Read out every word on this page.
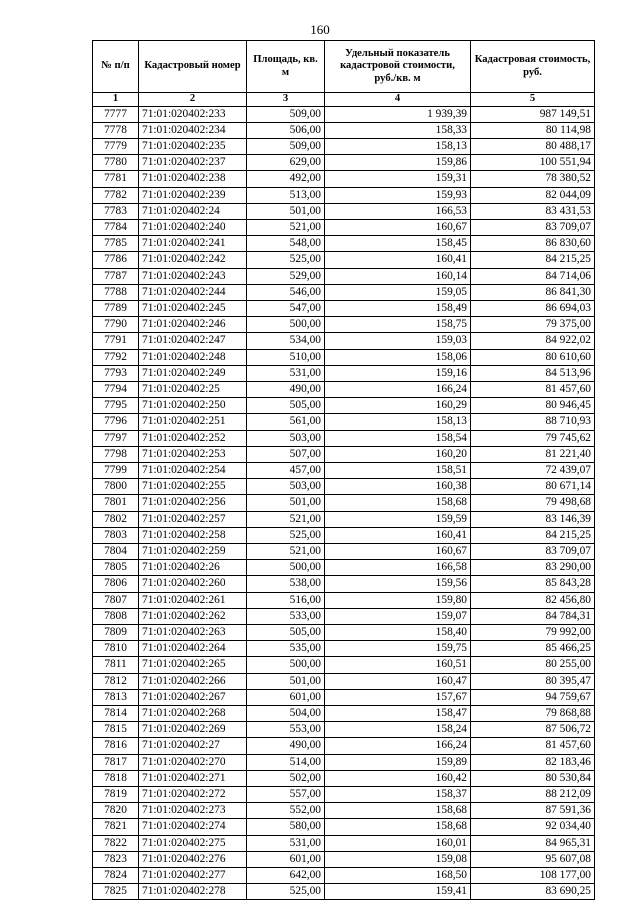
160
№ п/п	Кадастровый номер	Площадь, кв. м	Удельный показатель кадастровой стоимости, руб./кв. м	Кадастровая стоимость, руб.
1	2	3	4	5
7777	71:01:020402:233	509,00	1 939,39	987 149,51
7778	71:01:020402:234	506,00	158,33	80 114,98
7779	71:01:020402:235	509,00	158,13	80 488,17
7780	71:01:020402:237	629,00	159,86	100 551,94
7781	71:01:020402:238	492,00	159,31	78 380,52
7782	71:01:020402:239	513,00	159,93	82 044,09
7783	71:01:020402:24	501,00	166,53	83 431,53
7784	71:01:020402:240	521,00	160,67	83 709,07
7785	71:01:020402:241	548,00	158,45	86 830,60
7786	71:01:020402:242	525,00	160,41	84 215,25
7787	71:01:020402:243	529,00	160,14	84 714,06
7788	71:01:020402:244	546,00	159,05	86 841,30
7789	71:01:020402:245	547,00	158,49	86 694,03
7790	71:01:020402:246	500,00	158,75	79 375,00
7791	71:01:020402:247	534,00	159,03	84 922,02
7792	71:01:020402:248	510,00	158,06	80 610,60
7793	71:01:020402:249	531,00	159,16	84 513,96
7794	71:01:020402:25	490,00	166,24	81 457,60
7795	71:01:020402:250	505,00	160,29	80 946,45
7796	71:01:020402:251	561,00	158,13	88 710,93
7797	71:01:020402:252	503,00	158,54	79 745,62
7798	71:01:020402:253	507,00	160,20	81 221,40
7799	71:01:020402:254	457,00	158,51	72 439,07
7800	71:01:020402:255	503,00	160,38	80 671,14
7801	71:01:020402:256	501,00	158,68	79 498,68
7802	71:01:020402:257	521,00	159,59	83 146,39
7803	71:01:020402:258	525,00	160,41	84 215,25
7804	71:01:020402:259	521,00	160,67	83 709,07
7805	71:01:020402:26	500,00	166,58	83 290,00
7806	71:01:020402:260	538,00	159,56	85 843,28
7807	71:01:020402:261	516,00	159,80	82 456,80
7808	71:01:020402:262	533,00	159,07	84 784,31
7809	71:01:020402:263	505,00	158,40	79 992,00
7810	71:01:020402:264	535,00	159,75	85 466,25
7811	71:01:020402:265	500,00	160,51	80 255,00
7812	71:01:020402:266	501,00	160,47	80 395,47
7813	71:01:020402:267	601,00	157,67	94 759,67
7814	71:01:020402:268	504,00	158,47	79 868,88
7815	71:01:020402:269	553,00	158,24	87 506,72
7816	71:01:020402:27	490,00	166,24	81 457,60
7817	71:01:020402:270	514,00	159,89	82 183,46
7818	71:01:020402:271	502,00	160,42	80 530,84
7819	71:01:020402:272	557,00	158,37	88 212,09
7820	71:01:020402:273	552,00	158,68	87 591,36
7821	71:01:020402:274	580,00	158,68	92 034,40
7822	71:01:020402:275	531,00	160,01	84 965,31
7823	71:01:020402:276	601,00	159,08	95 607,08
7824	71:01:020402:277	642,00	168,50	108 177,00
7825	71:01:020402:278	525,00	159,41	83 690,25
